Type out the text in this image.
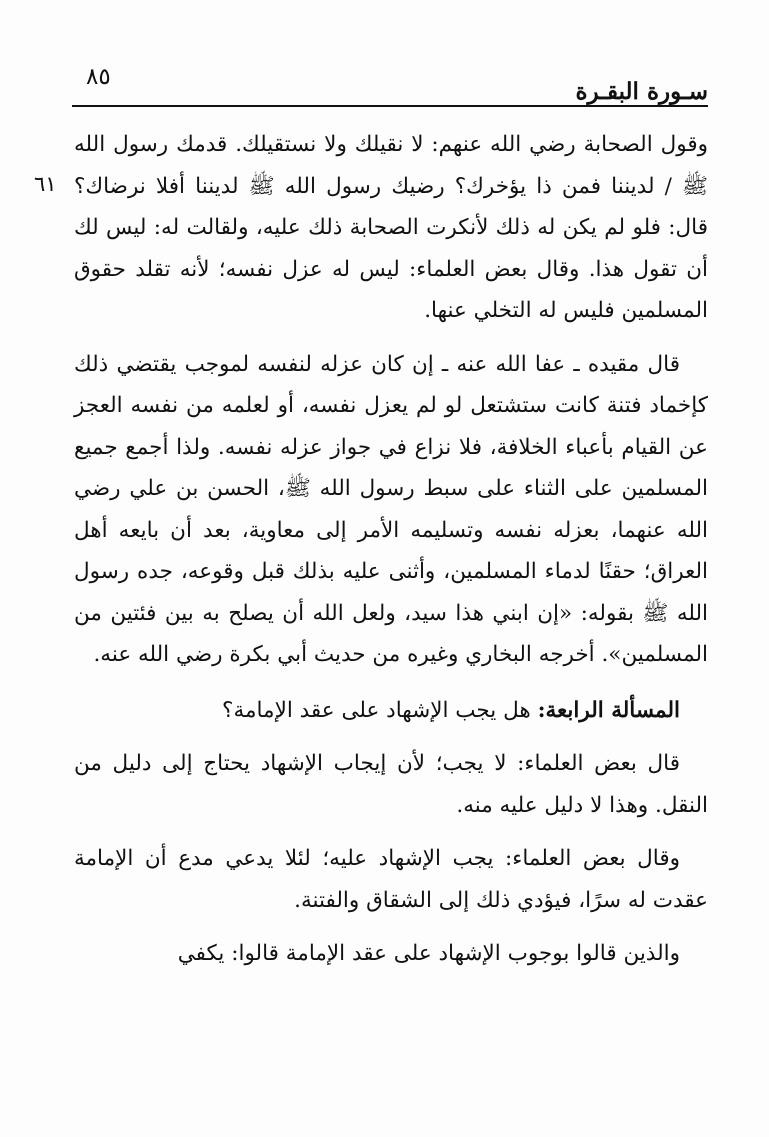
٨٥
سـورة البقـرة
٦١

وقول الصحابة رضي الله عنهم: لا نقيلك ولا نستقيلك. قدمك رسول الله ﷺ / لديننا فمن ذا يؤخرك؟ رضيك رسول الله ﷺ لديننا أفلا نرضاك؟ قال: فلو لم يكن له ذلك لأنكرت الصحابة ذلك عليه، ولقالت له: ليس لك أن تقول هذا. وقال بعض العلماء: ليس له عزل نفسه؛ لأنه تقلد حقوق المسلمين فليس له التخلي عنها.

قال مقيده ـ عفا الله عنه ـ إن كان عزله لنفسه لموجب يقتضي ذلك كإخماد فتنة كانت ستشتعل لو لم يعزل نفسه، أو لعلمه من نفسه العجز عن القيام بأعباء الخلافة، فلا نزاع في جواز عزله نفسه. ولذا أجمع جميع المسلمين على الثناء على سبط رسول الله ﷺ، الحسن بن علي رضي الله عنهما، بعزله نفسه وتسليمه الأمر إلى معاوية، بعد أن بايعه أهل العراق؛ حقنًا لدماء المسلمين، وأثنى عليه بذلك قبل وقوعه، جده رسول الله ﷺ بقوله: «إن ابني هذا سيد، ولعل الله أن يصلح به بين فئتين من المسلمين». أخرجه البخاري وغيره من حديث أبي بكرة رضي الله عنه.

المسألة الرابعة: هل يجب الإشهاد على عقد الإمامة؟

قال بعض العلماء: لا يجب؛ لأن إيجاب الإشهاد يحتاج إلى دليل من النقل. وهذا لا دليل عليه منه.

وقال بعض العلماء: يجب الإشهاد عليه؛ لئلا يدعي مدع أن الإمامة عقدت له سرًا، فيؤدي ذلك إلى الشقاق والفتنة.

والذين قالوا بوجوب الإشهاد على عقد الإمامة قالوا: يكفي
